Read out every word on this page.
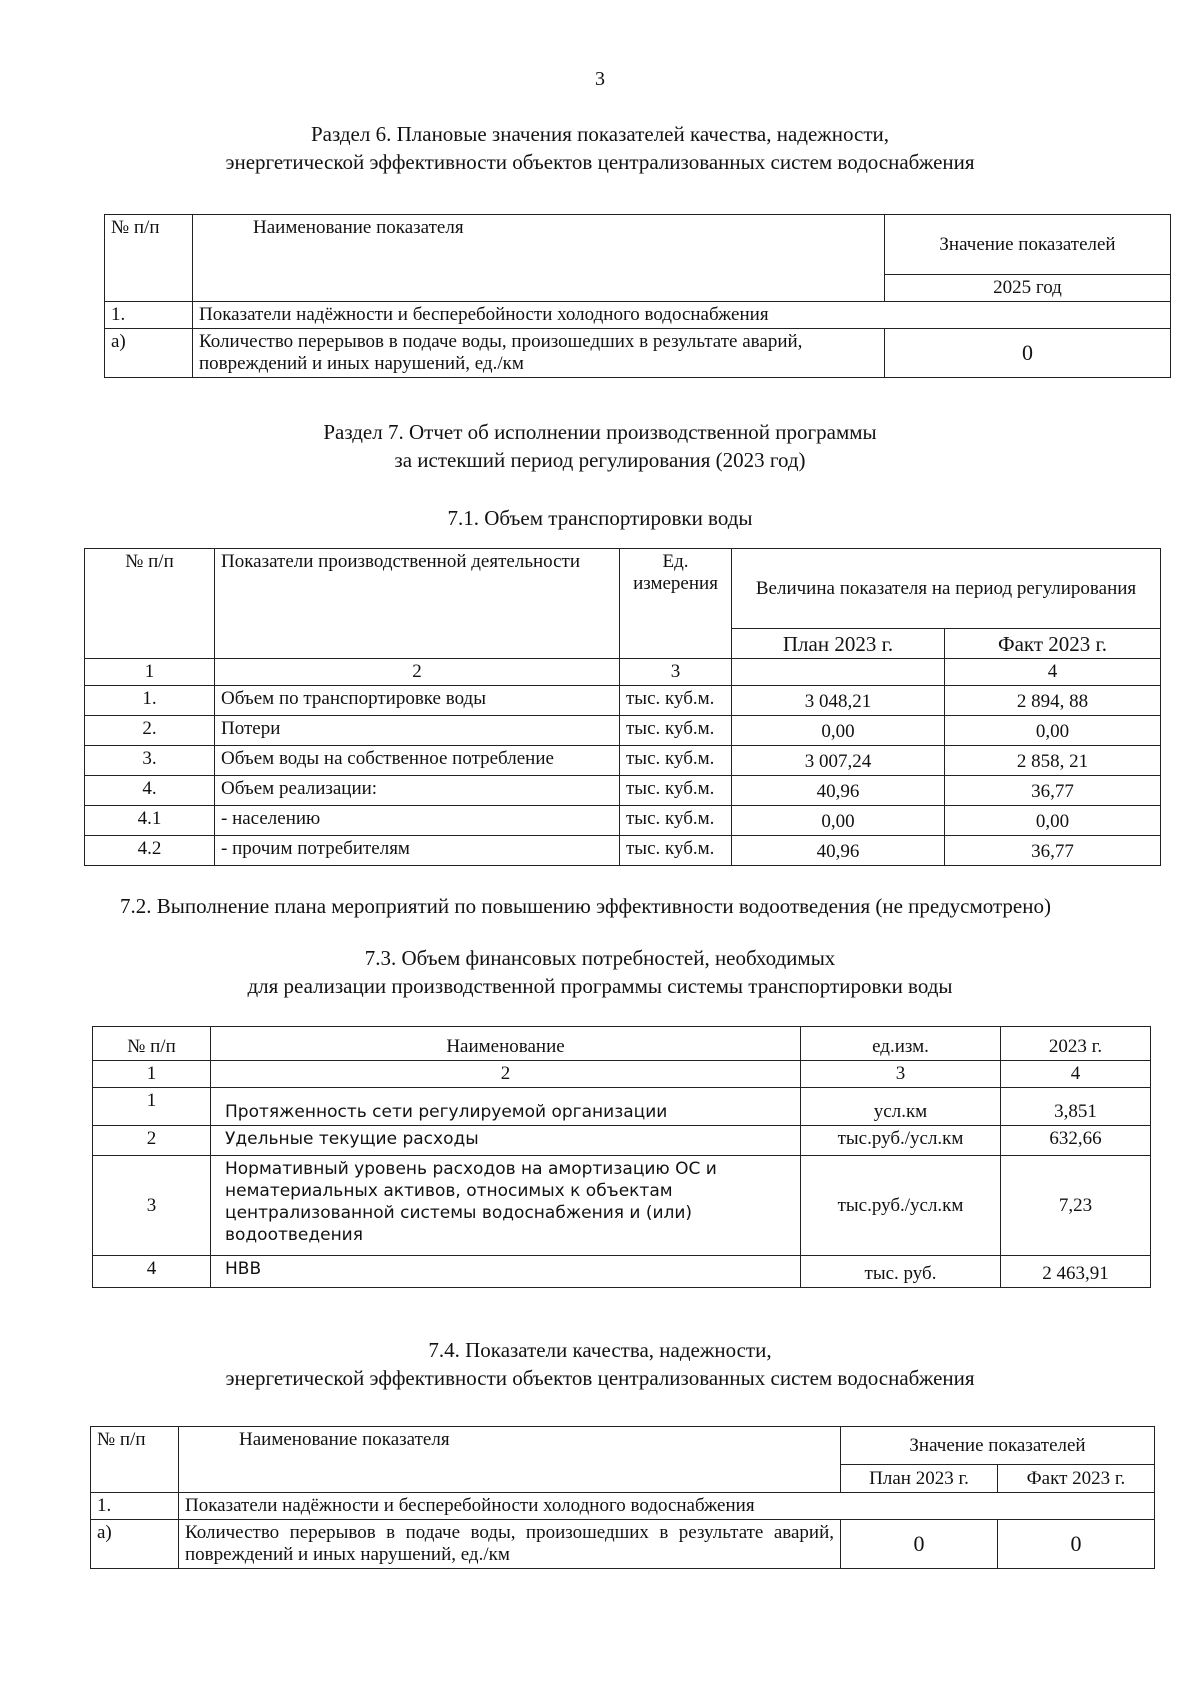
3
Раздел 6. Плановые значения показателей качества, надежности,
энергетической эффективности объектов централизованных систем водоснабжения
№ п/п	Наименование показателя	Значение показателей
		2025 год
1.	Показатели надёжности и бесперебойности холодного водоснабжения	
а)	Количество перерывов в подаче воды, произошедших в результате аварий, повреждений и иных нарушений, ед./км	0
Раздел 7. Отчет об исполнении производственной программы
за истекший период регулирования (2023 год)
7.1. Объем транспортировки воды
№ п/п	Показатели производственной деятельности	Ед. измерения	Величина показателя на период регулирования	
			План 2023 г.	Факт 2023 г.
1	2	3		4
1.	Объем по транспортировке воды	тыс. куб.м.	3 048,21	2 894, 88
2.	Потери	тыс. куб.м.	0,00	0,00
3.	Объем воды на собственное потребление	тыс. куб.м.	3 007,24	2 858, 21
4.	Объем реализации:	тыс. куб.м.	40,96	36,77
4.1	- населению	тыс. куб.м.	0,00	0,00
4.2	- прочим потребителям	тыс. куб.м.	40,96	36,77
7.2. Выполнение плана мероприятий по повышению эффективности водоотведения (не предусмотрено)
7.3. Объем финансовых потребностей, необходимых
для реализации производственной программы системы транспортировки воды
№ п/п	Наименование	ед.изм.	2023 г.
1	2	3	4
1	Протяженность сети регулируемой организации	усл.км	3,851
2	Удельные текущие расходы	тыс.руб./усл.км	632,66
3	Нормативный уровень расходов на амортизацию ОС и нематериальных активов, относимых к объектам централизованной системы водоснабжения и (или) водоотведения	тыс.руб./усл.км	7,23
4	НВВ	тыс. руб.	2 463,91
7.4. Показатели качества, надежности,
энергетической эффективности объектов централизованных систем водоснабжения
№ п/п	Наименование показателя	Значение показателей	
		План 2023 г.	Факт 2023 г.
1.	Показатели надёжности и бесперебойности холодного водоснабжения		
а)	Количество перерывов в подаче воды, произошедших в результате аварий, повреждений и иных нарушений, ед./км	0	0
